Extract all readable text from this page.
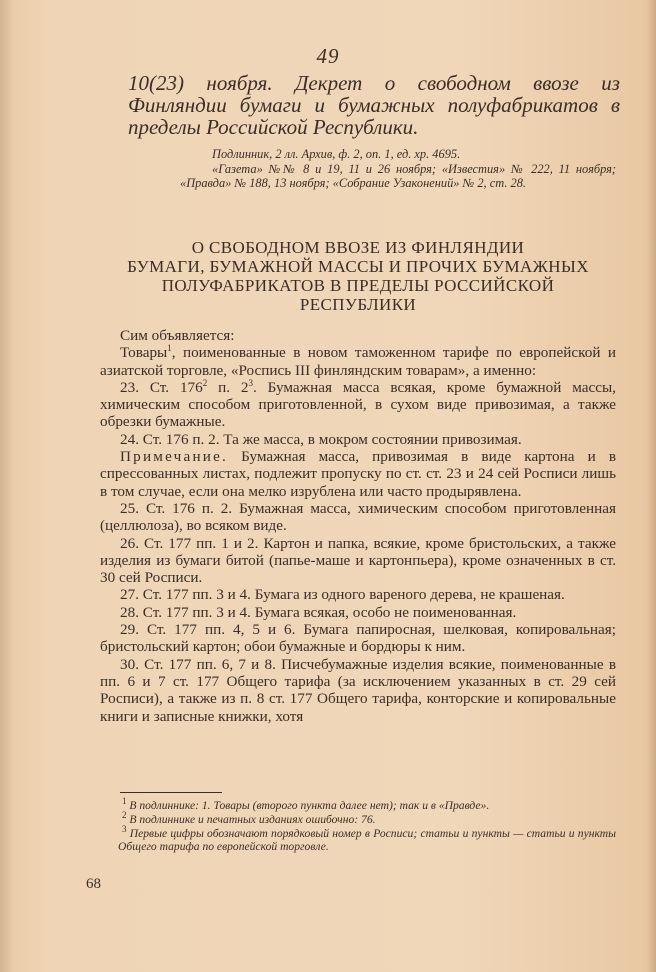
49
10(23) ноября. Декрет о свободном ввозе из Финляндии бумаги и бумажных полуфабрикатов в пределы Российской Республики.

Подлинник, 2 лл. Архив, ф. 2, оп. 1, ед. хр. 4695.

«Газета» №№ 8 и 19, 11 и 26 ноября; «Известия» № 222, 11 ноября; «Правда» № 188, 13 ноября; «Собрание Узаконений» № 2, ст. 28.

О СВОБОДНОМ ВВОЗЕ ИЗ ФИНЛЯНДИИ
БУМАГИ, БУМАЖНОЙ МАССЫ И ПРОЧИХ БУМАЖНЫХ
ПОЛУФАБРИКАТОВ В ПРЕДЕЛЫ РОССИЙСКОЙ
РЕСПУБЛИКИ

Сим объявляется:

Товары$^1$, поименованные в новом таможенном тарифе по европейской и азиатской торговле, «Роспись III финляндским товарам», а именно:

23. Ст. $176^2$ п. $2^3$. Бумажная масса всякая, кроме бумажной массы, химическим способом приготовленной, в сухом виде привозимая, а также обрезки бумажные.

24. Ст. 176 п. 2. Та же масса, в мокром состоянии привозимая.

Примечание. Бумажная масса, привозимая в виде картона и в спрессованных листах, подлежит пропуску по ст. ст. 23 и 24 сей Росписи лишь в том случае, если она мелко изрублена или часто продырявлена.

25. Ст. 176 п. 2. Бумажная масса, химическим способом приготовленная (целлюлоза), во всяком виде.

26. Ст. 177 пп. 1 и 2. Картон и папка, всякие, кроме бристольских, а также изделия из бумаги битой (папье-маше и картонпьера), кроме означенных в ст. 30 сей Росписи.

27. Ст. 177 пп. 3 и 4. Бумага из одного вареного дерева, не крашеная.

28. Ст. 177 пп. 3 и 4. Бумага всякая, особо не поименованная.

29. Ст. 177 пп. 4, 5 и 6. Бумага папиросная, шелковая, копировальная; бристольский картон; обои бумажные и бордюры к ним.

30. Ст. 177 пп. 6, 7 и 8. Писчебумажные изделия всякие, поименованные в пп. 6 и 7 ст. 177 Общего тарифа (за исключением указанных в ст. 29 сей Росписи), а также из п. 8 ст. 177 Общего тарифа, конторские и копировальные книги и записные книжки, хотя

$^1$ В подлиннике: 1. Товары (второго пункта далее нет); так и в «Правде».

$^2$ В подлиннике и печатных изданиях ошибочно: 76.

$^3$ Первые цифры обозначают порядковый номер в Росписи; статьи и пункты — статьи и пункты Общего тарифа по европейской торговле.

68
